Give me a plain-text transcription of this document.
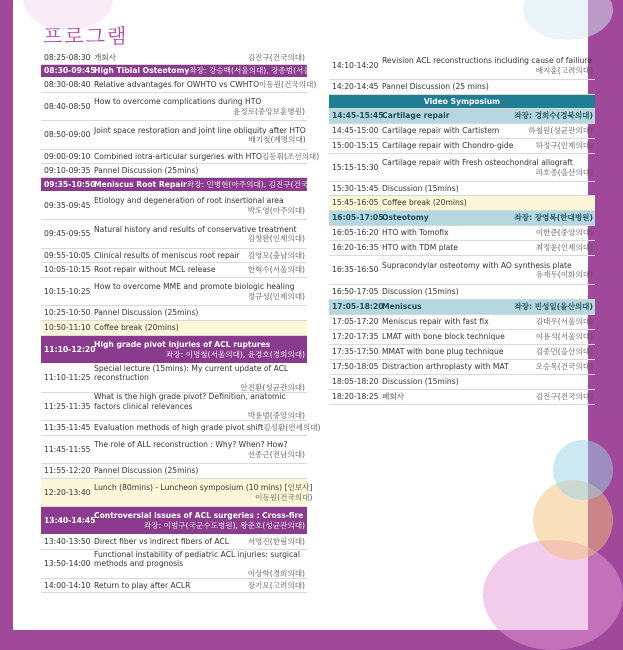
프로그램
08:25-08:30 개회사	김진구(건국의대)
08:30-09:45
High Tibial Osteotomy 좌장: 강승백(서울의대), 장종범(서울의대)
08:30-08:40 Relative advantages for OWHTO vs CWHTO 이동원(건국의대)
08:40-08:50
How to overcome complications during HTO
윤정로(중앙보훈병원)
08:50-09:00
Joint space restoration and joint line obliquity after HTO
배기철(계명의대)
09:00-09:10 Combined intra-articular surgeries with HTO 김동휘(조선의대)
09:10-09:35 Pannel Discussion (25mins)
09:35-10:50
Meniscus Root Repair 좌장: 민병현(아주의대), 김진구(건국의대)
09:35-09:45
Etiology and degeneration of root insertional area
박도영(아주의대)
09:45-09:55
Natural history and results of conservative treatment
김창완(인제의대)
09:55-10:05 Clinical results of meniscus root repair 김영모(충남의대)
10:05-10:15 Root repair without MCL release	한혁수(서울의대)
10:15-10:25
How to overcome MME and promote biologic healing
정규성(인제의대)
10:25-10:50 Pannel Discussion (25mins)
10:50-11:10 Coffee break (20mins)
11:10-12:20
High grade pivot injuries of ACL ruptures
좌장: 이명철(서울의대), 윤경호(경희의대)
11:10-11:25
Special lecture (15mins): My current update of ACL reconstruction
안진환(성균관의대)
11:25-11:35
What is the high grade pivot? Definition, anatomic factors clinical relevances
박용범(중앙의대)
11:35-11:45 Evaluation methods of high grade pivot shift 김성환(연세의대)
11:45-11:55
The role of ALL reconstruction : Why? When? How?
선종근(전남의대)
11:55-12:20 Pannel Discussion (25mins)
12:20-13:40
Lunch (80mins) - Luncheon symposium (10 mins) [인보사]
이동원(건국의대)
13:40-14:45
Controversial issues of ACL surgeries : Cross-fire
좌장: 이범구(국군수도병원), 왕준호(성균관의대)
13:40-13:50 Direct fiber vs indirect fibers of ACL 서영진(한림의대)
13:50-14:00
Functional instability of pediatric ACL injuries: surgical methods and prognosis
이상학(경희의대)
14:00-14:10 Return to play after ACLR	장기모(고려의대)
14:10-14:20
Revision ACL reconstructions including cause of failiure
배지훈(고려의대)
14:20-14:45 Pannel Discussion (25 mins)
Video Symposium
14:45-15:45
Cartilage repair	좌장: 경희수(경북의대)
14:45-15:00 Cartilage repair with Cartistem	하철원(성균관의대)
15:00-15:15 Cartilage repair with Chondro-gide	하정구(인제의대)
15:15-15:30
Cartilage repair with Fresh osteochondral allograft
라호종(을산의대)
15:30-15:45 Discussion (15mins)
15:45-16:05 Coffee break (20mins)
16:05-17:05
Osteotomy	좌장: 장영복(한대병원)
16:05-16:20 HTO with Tomofix	이한준(중앙의대)
16:20-16:35 HTO with TDM plate	최정윤(인제의대)
16:35-16:50
Supracondylar osteotomy with AO synthesis plate
유재두(이화의대)
16:50-17:05 Discussion (15mins)
17:05-18:20
Meniscus	좌장: 빈성일(울산의대)
17:05-17:20 Meniscus repair with fast fix	김태우(서울의대)
17:20-17:35 LMAT with bone block technique	이용석(서울의대)
17:35-17:50 MMAT with bone plug technique	김종민(을산의대)
17:50-18:05 Distraction arthroplasty with MAT	오승목(건국의대)
18:05-18:20 Discussion (15mins)
18:20-18:25 폐회사	김진구(건국의대)
